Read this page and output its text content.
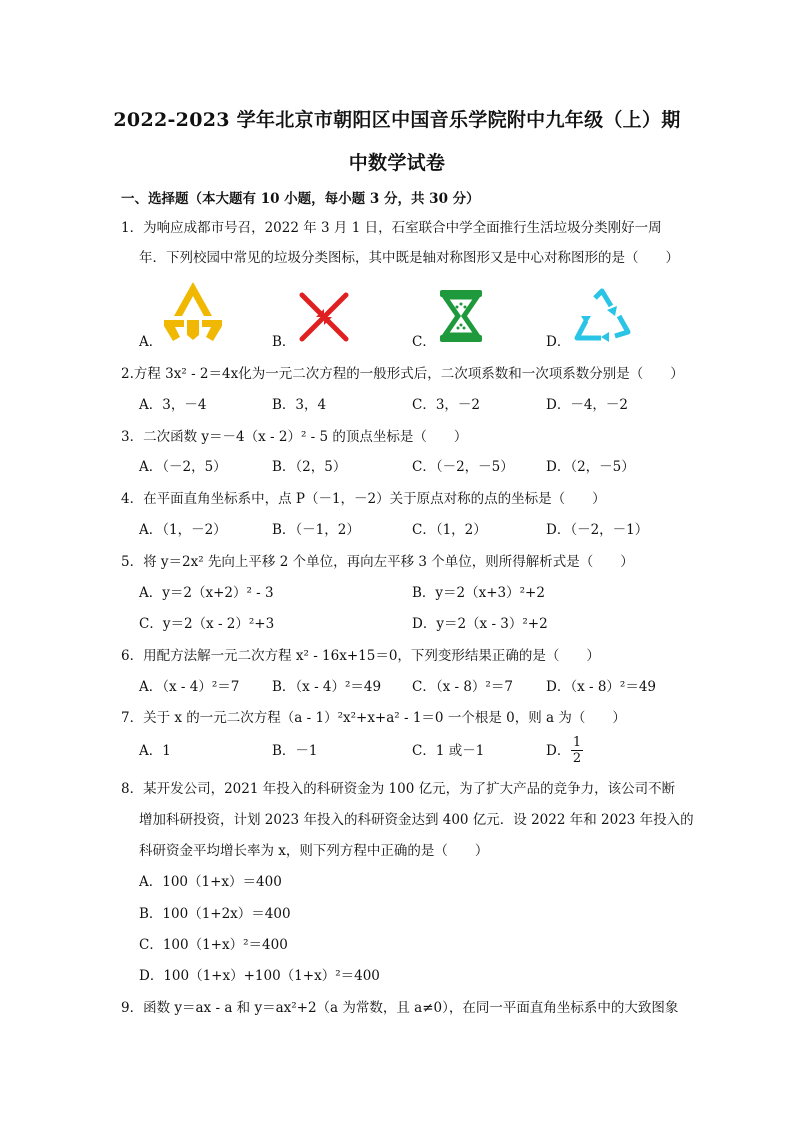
2022-2023 学年北京市朝阳区中国音乐学院附中九年级（上）期
中数学试卷
一、选择题（本大题有 10 小题，每小题 3 分，共 30 分）
1．为响应成都市号召，2022 年 3 月 1 日，石室联合中学全面推行生活垃圾分类刚好一周
年．下列校园中常见的垃圾分类图标，其中既是轴对称图形又是中心对称图形的是（　　）
A．	B．	C．	D．
2.方程 3x² - 2＝4x化为一元二次方程的一般形式后，二次项系数和一次项系数分别是（　　）
A．3，－4	B．3，4	C．3，－2	D．－4，－2
3．二次函数 y＝－4（x - 2）² - 5 的顶点坐标是（　　）
A．（－2，5）	B．（2，5）	C．（－2，－5） D．（2，－5）
4．在平面直角坐标系中，点 P（－1，－2）关于原点对称的点的坐标是（　　）
A．（1，－2）	B．（－1，2）	C．（1，2）	D．（－2，－1）
5．将 y＝2x² 先向上平移 2 个单位，再向左平移 3 个单位，则所得解析式是（　　）
A．y＝2（x+2）² - 3	B．y＝2（x+3）²+2
C．y＝2（x - 2）²+3	D．y＝2（x - 3）²+2
6．用配方法解一元二次方程 x² - 16x+15＝0，下列变形结果正确的是（　　）
A．（x - 4）²＝7 B．（x - 4）²＝49 C．（x - 8）²＝7 D．（x - 8）²＝49
7．关于 x 的一元二次方程（a - 1）²x²+x+a² - 1＝0 一个根是 0，则 a 为（　　）
A．1	B．－1	C．1 或－1	D．
1
2
8．某开发公司，2021 年投入的科研资金为 100 亿元，为了扩大产品的竞争力，该公司不断
增加科研投资，计划 2023 年投入的科研资金达到 400 亿元．设 2022 年和 2023 年投入的
科研资金平均增长率为 x，则下列方程中正确的是（　　）
A．100（1+x）＝400
B．100（1+2x）＝400
C．100（1+x）²＝400
D．100（1+x）+100（1+x）²＝400
9．函数 y＝ax - a 和 y＝ax²+2（a 为常数，且 a≠0），在同一平面直角坐标系中的大致图象
